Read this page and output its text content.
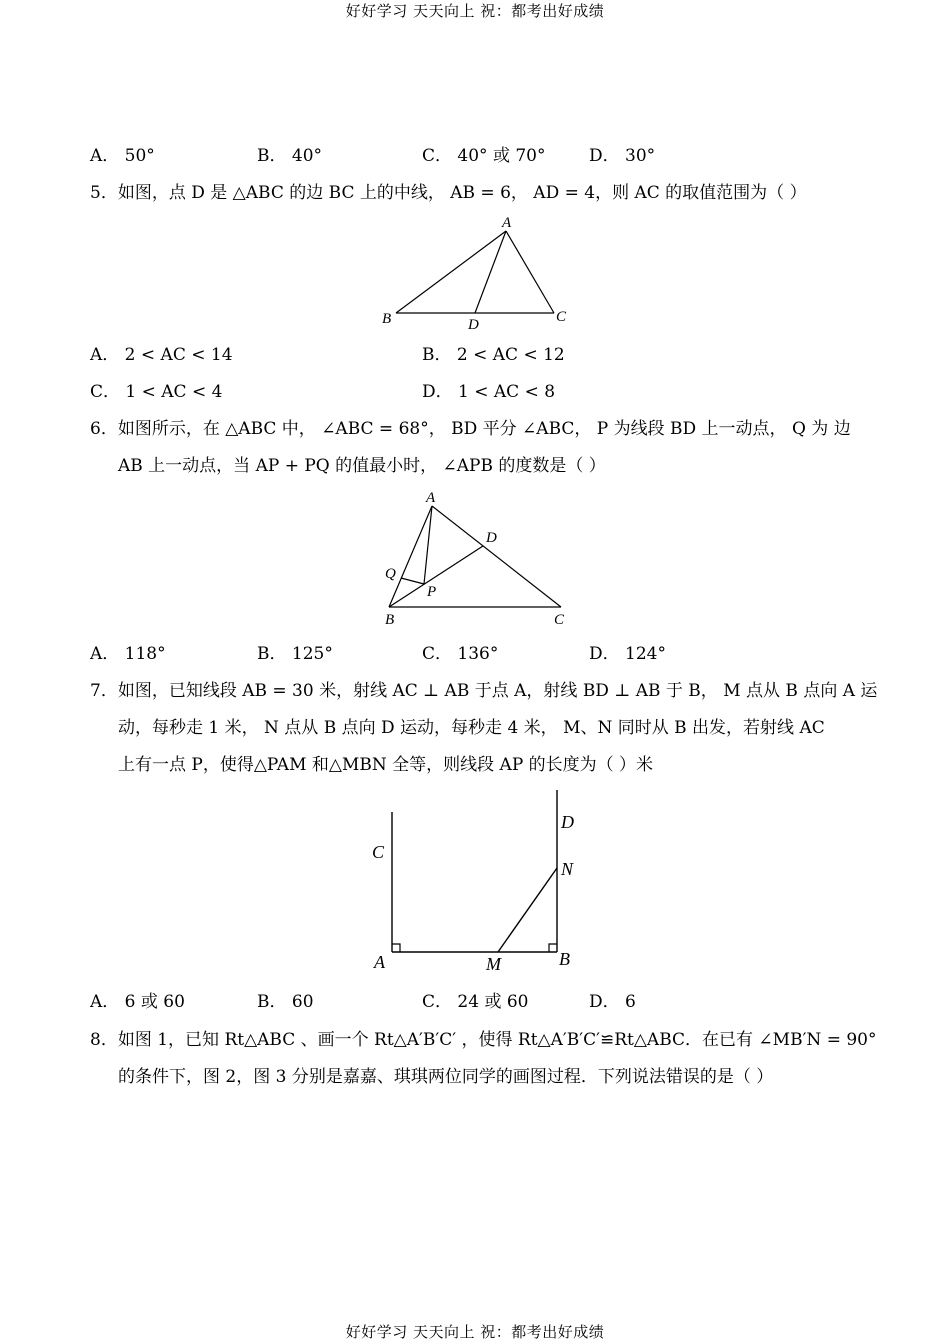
好好学习 天天向上 祝：都考出好成绩
A． 50°	B． 40°	C． 40° 或 70°	D． 30°
5．如图，点 D 是 △ABC 的边 BC 上的中线， AB = 6， AD = 4，则 AC 的取值范围为（ ）
A
B	C
D
A． 2 < AC < 14	B． 2 < AC < 12
C． 1 < AC < 4	D． 1 < AC < 8
6．如图所示，在 △ABC 中， ∠ABC = 68°， BD 平分 ∠ABC， P 为线段 BD 上一动点， Q 为 边
AB 上一动点，当 AP + PQ 的值最小时， ∠APB 的度数是（ ）
A
B	C
D
P
Q
A． 118°	B． 125°	C． 136°	D． 124°
7．如图，已知线段 AB = 30 米，射线 AC ⊥ AB 于点 A，射线 BD ⊥ AB 于 B， M 点从 B 点向 A 运
动，每秒走 1 米， N 点从 B 点向 D 运动，每秒走 4 米， M、N 同时从 B 出发，若射线 AC
上有一点 P，使得△PAM 和△MBN 全等，则线段 AP 的长度为（ ）米
C
D
N
A	M	B
A． 6 或 60	B． 60	C． 24 或 60	D． 6
8．如图 1，已知 Rt△ABC 、画一个 Rt△A′B′C′ ，使得 Rt△A′B′C′≌Rt△ABC．在已有 ∠MB′N = 90°
的条件下，图 2，图 3 分别是嘉嘉、琪琪两位同学的画图过程．下列说法错误的是（ ）
好好学习 天天向上 祝：都考出好成绩
